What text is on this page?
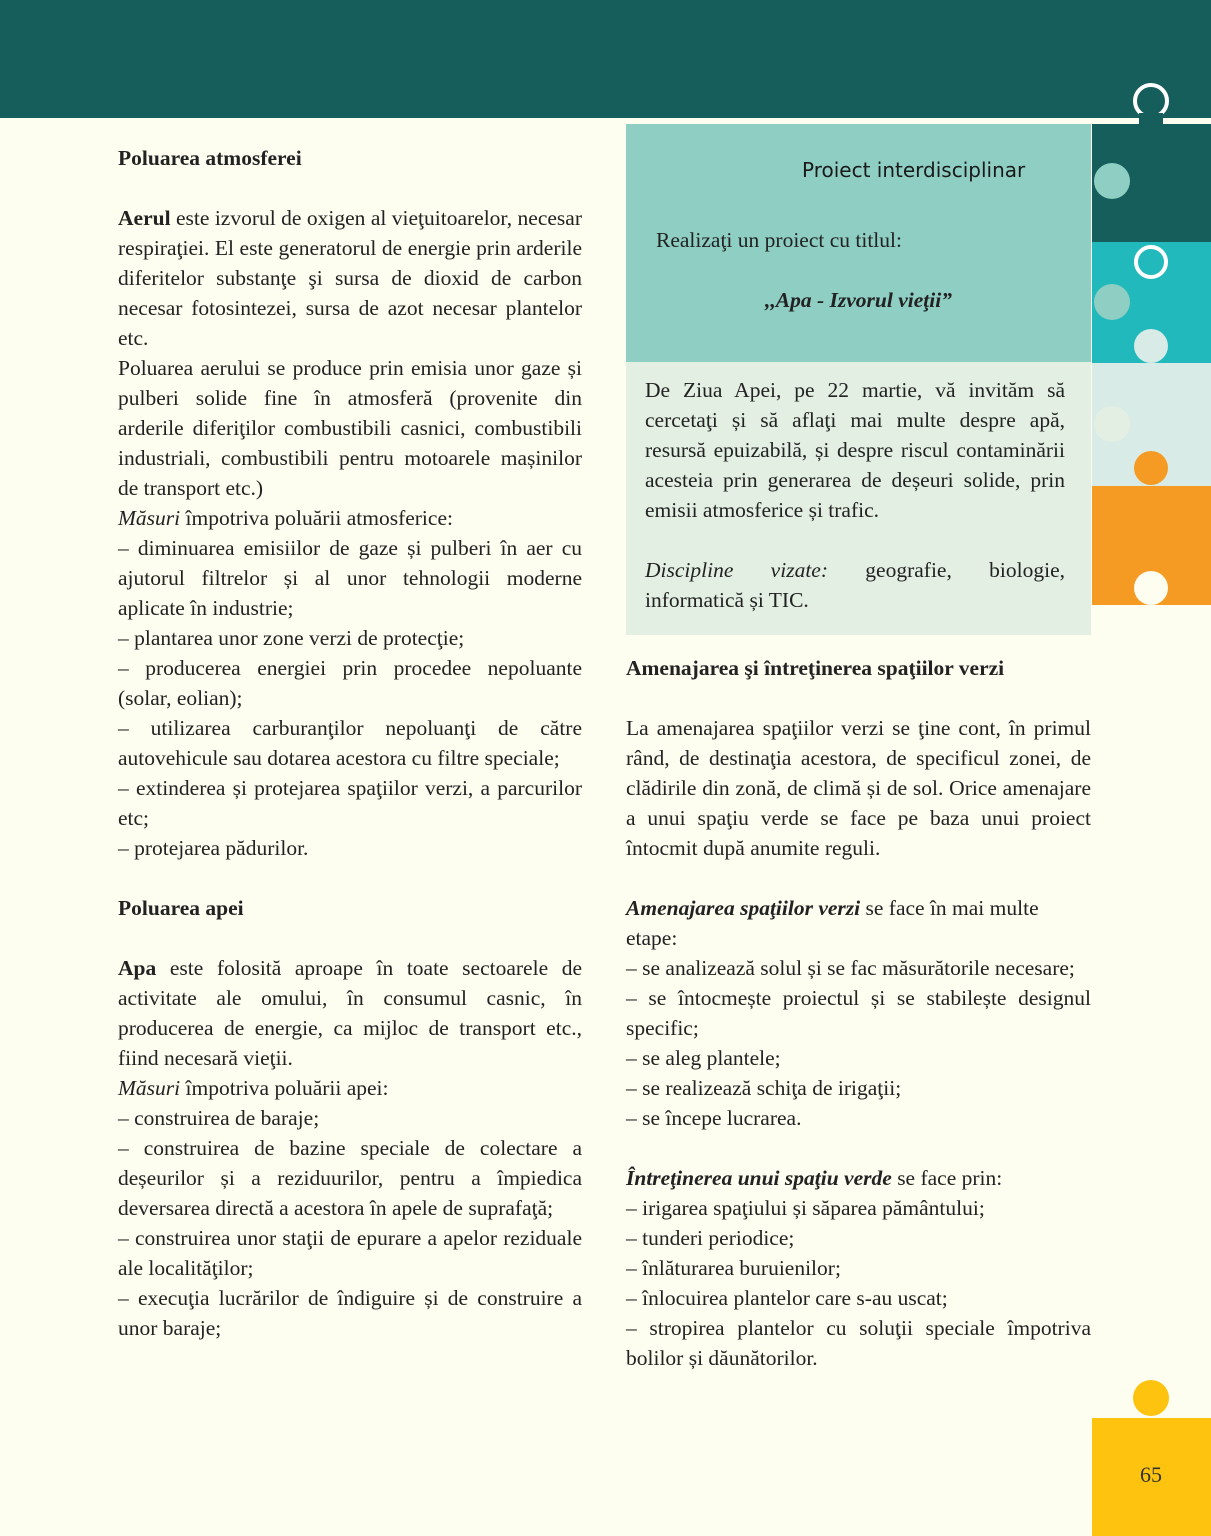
Poluarea atmosferei

Aerul este izvorul de oxigen al vieţuitoarelor, necesar respiraţiei. El este generatorul de energie prin arderile diferitelor substanţe şi sursa de dioxid de carbon necesar fotosintezei, sursa de azot necesar plantelor etc.

Poluarea aerului se produce prin emisia unor gaze și pulberi solide fine în atmosferă (provenite din arderile diferiţilor combustibili casnici, combustibili industriali, combustibili pentru motoarele mașinilor de transport etc.)

Măsuri împotriva poluării atmosferice:

– diminuarea emisiilor de gaze și pulberi în aer cu ajutorul filtrelor și al unor tehnologii moderne aplicate în industrie;

– plantarea unor zone verzi de protecţie;

– producerea energiei prin procedee nepoluante (solar, eolian);

– utilizarea carburanţilor nepoluanţi de către autovehicule sau dotarea acestora cu filtre speciale;

– extinderea și protejarea spaţiilor verzi, a parcurilor etc;

– protejarea pădurilor.

Poluarea apei

Apa este folosită aproape în toate sectoarele de activitate ale omului, în consumul casnic, în producerea de energie, ca mijloc de transport etc., fiind necesară vieţii.

Măsuri împotriva poluării apei:

– construirea de baraje;

– construirea de bazine speciale de colectare a deșeurilor și a reziduurilor, pentru a împiedica deversarea directă a acestora în apele de suprafaţă;

– construirea unor staţii de epurare a apelor reziduale ale localităţilor;

– execuţia lucrărilor de îndiguire și de construire a unor baraje;

Proiect interdisciplinar
Realizaţi un proiect cu titlul:
,,Apa - Izvorul vieţii”

De Ziua Apei, pe 22 martie, vă invităm să cercetaţi și să aflaţi mai multe despre apă, resursă epuizabilă, și despre riscul contaminării acesteia prin generarea de deșeuri solide, prin emisii atmosferice și trafic.

Discipline vizate: geografie, biologie, informatică și TIC.

Amenajarea şi întreţinerea spaţiilor verzi

La amenajarea spaţiilor verzi se ţine cont, în primul rând, de destinaţia acestora, de specificul zonei, de clădirile din zonă, de climă și de sol. Orice amenajare a unui spaţiu verde se face pe baza unui proiect întocmit după anumite reguli.

Amenajarea spaţiilor verzi se face în mai multe etape:

– se analizează solul și se fac măsurătorile necesare;

– se întocmește proiectul și se stabilește designul specific;

– se aleg plantele;

– se realizează schiţa de irigaţii;

– se începe lucrarea.

Întreţinerea unui spaţiu verde se face prin:

– irigarea spaţiului și săparea pământului;

– tunderi periodice;

– înlăturarea buruienilor;

– înlocuirea plantelor care s-au uscat;

– stropirea plantelor cu soluţii speciale împotriva bolilor și dăunătorilor.

65
